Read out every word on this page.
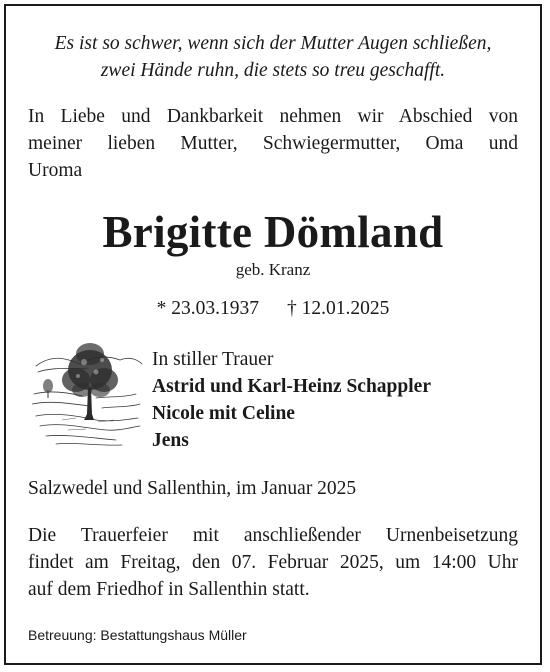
Es ist so schwer, wenn sich der Mutter Augen schließen,
zwei Hände ruhn, die stets so treu geschafft.
In Liebe und Dankbarkeit nehmen wir Abschied von
meiner lieben Mutter, Schwiegermutter, Oma und
Uroma
Brigitte Dömland
geb. Kranz
* 23.03.1937 † 12.01.2025
In stiller Trauer
Astrid und Karl-Heinz Schappler
Nicole mit Celine
Jens
Salzwedel und Sallenthin, im Januar 2025
Die Trauerfeier mit anschließender Urnenbeisetzung
findet am Freitag, den 07. Februar 2025, um 14:00 Uhr
auf dem Friedhof in Sallenthin statt.
Betreuung: Bestattungshaus Müller
